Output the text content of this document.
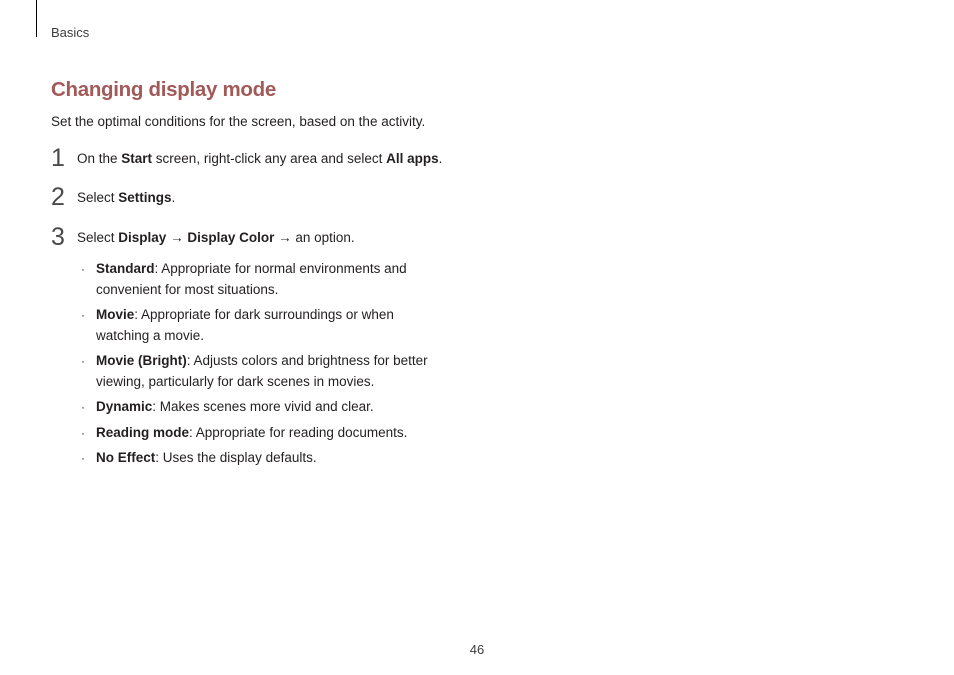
Basics
Changing display mode
Set the optimal conditions for the screen, based on the activity.
1 On the Start screen, right-click any area and select All apps.
2 Select Settings.
3 Select Display → Display Color → an option.
· Standard: Appropriate for normal environments and convenient for most situations.
· Movie: Appropriate for dark surroundings or when watching a movie.
· Movie (Bright): Adjusts colors and brightness for better viewing, particularly for dark scenes in movies.
· Dynamic: Makes scenes more vivid and clear.
· Reading mode: Appropriate for reading documents.
· No Effect: Uses the display defaults.
46
